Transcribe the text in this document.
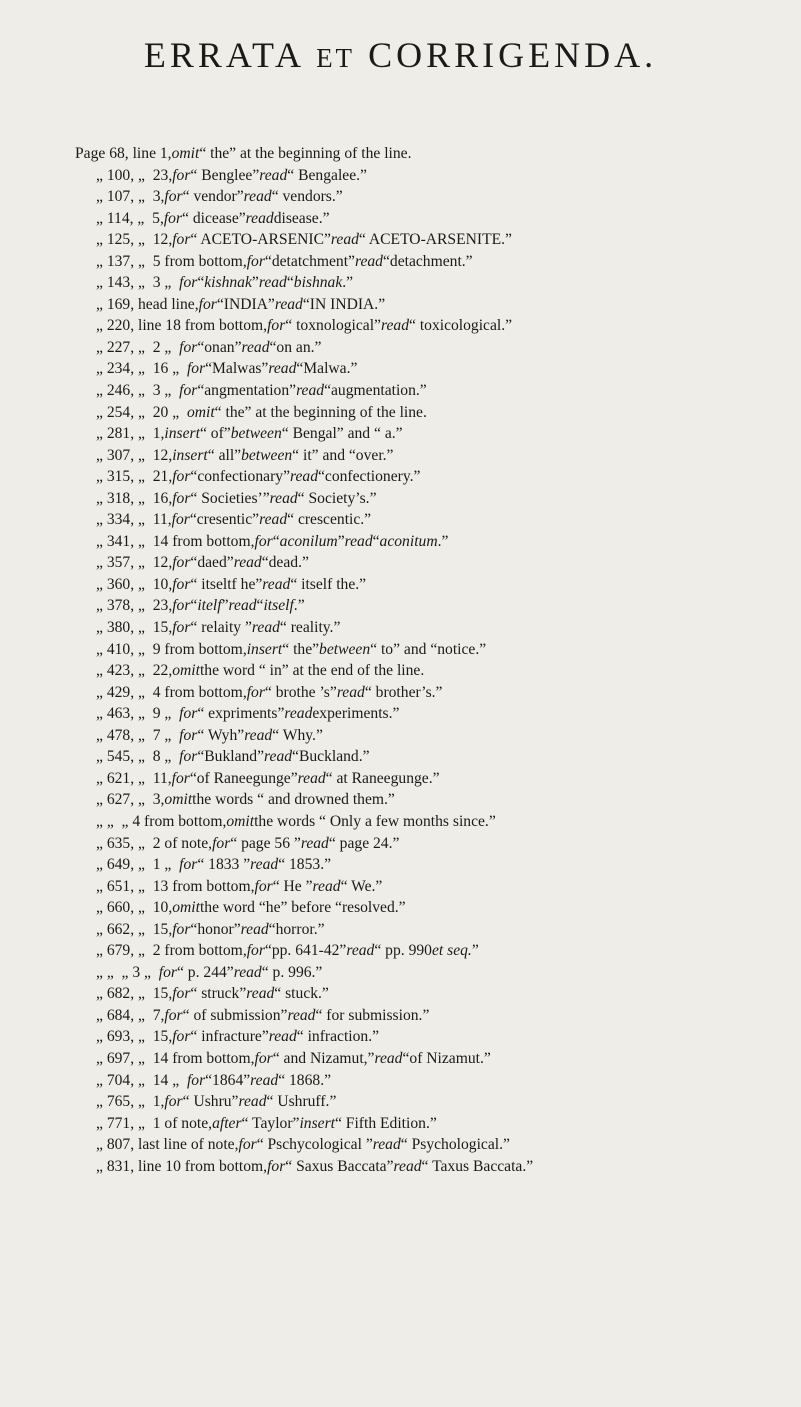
ERRATA ET CORRIGENDA.
Page 68, line 1, omit “ the” at the beginning of the line.
„ 100, „  23, for “ Benglee” read “ Bengalee.”
„ 107, „  3, for “ vendor” read “ vendors.”
„ 114, „  5, for “ dicease” read disease.”
„ 125, „  12, for “ ACETO-ARSENIC” read “ ACETO-ARSENITE.”
„ 137, „  5 from bottom, for “detatchment” read “detachment.”
„ 143, „  3 „ for “ kishnak ” read “ bishnak .”
„ 169, head line, for “INDIA” read “IN INDIA.”
„ 220, line 18 from bottom, for “ toxnological” read “ toxicological.”
„ 227, „  2 „ for “onan” read “on an.”
„ 234, „  16 „ for “Malwas” read “Malwa.”
„ 246, „  3 „ for “angmentation” read “augmentation.”
„ 254, „  20 „ omit “ the” at the beginning of the line.
„ 281, „  1, insert “ of” between “ Bengal” and “ a.”
„ 307, „  12, insert “ all” between “ it” and “over.”
„ 315, „  21, for “confectionary” read “confectionery.”
„ 318, „  16, for “ Societies’” read “ Society’s.”
„ 334, „  11, for “cresentic” read “ crescentic.”
„ 341, „  14 from bottom, for “ aconilum ” read “ aconitum .”
„ 357, „  12, for “daed” read “dead.”
„ 360, „  10, for “ itseltf he” read “ itself the.”
„ 378, „  23, for “ itelf ” read “ itself .”
„ 380, „  15, for “ relaity ” read “ reality.”
„ 410, „  9 from bottom, insert “ the” between “ to” and “notice.”
„ 423, „  22, omit the word “ in” at the end of the line.
„ 429, „  4 from bottom, for “ brothe ’s” read “ brother’s.”
„ 463, „  9 „ for “ expriments” read experiments.”
„ 478, „  7 „ for “ Wyh” read “ Why.”
„ 545, „  8 „ for “Bukland” read “Buckland.”
„ 621, „  11, for “of Raneegunge” read “ at Raneegunge.”
„ 627, „  3, omit the words “ and drowned them.”
„ „  „ 4 from bottom, omit the words “ Only a few months since.”
„ 635, „  2 of note, for “ page 56 ” read “ page 24.”
„ 649, „  1 „ for “ 1833 ” read “ 1853.”
„ 651, „  13 from bottom, for “ He ” read “ We.”
„ 660, „  10, omit the word “he” before “resolved.”
„ 662, „  15, for “honor” read “horror.”
„ 679, „  2 from bottom, for “pp. 641-42” read “ pp. 990 et seq. ”
„ „  „ 3 „ for “ p. 244” read “ p. 996.”
„ 682, „  15, for “ struck” read “ stuck.”
„ 684, „  7, for “ of submission” read “ for submission.”
„ 693, „  15, for “ infracture” read “ infraction.”
„ 697, „  14 from bottom, for “ and Nizamut,” read “of Nizamut.”
„ 704, „  14 „ for “1864” read “ 1868.”
„ 765, „  1, for “ Ushru” read “ Ushruff.”
„ 771, „  1 of note, after “ Taylor” insert “ Fifth Edition.”
„ 807, last line of note, for “ Pschycological ” read “ Psychological.”
„ 831, line 10 from bottom, for “ Saxus Baccata” read “ Taxus Baccata.”
